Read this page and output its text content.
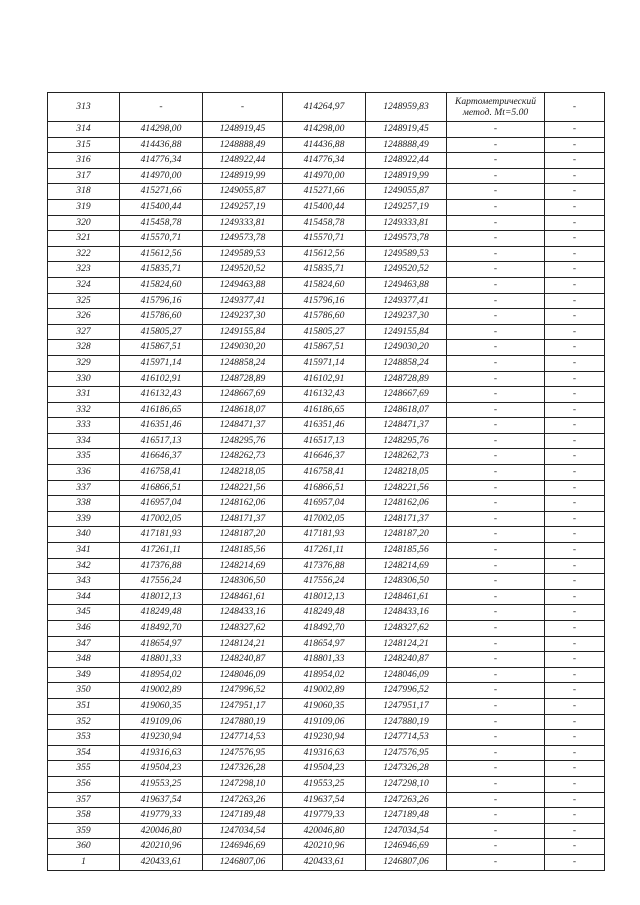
313	-	-	414264,97	1248959,83	Картометрический метод. Mt=5.00	-
314	414298,00	1248919,45	414298,00	1248919,45	-	-
315	414436,88	1248888,49	414436,88	1248888,49	-	-
316	414776,34	1248922,44	414776,34	1248922,44	-	-
317	414970,00	1248919,99	414970,00	1248919,99	-	-
318	415271,66	1249055,87	415271,66	1249055,87	-	-
319	415400,44	1249257,19	415400,44	1249257,19	-	-
320	415458,78	1249333,81	415458,78	1249333,81	-	-
321	415570,71	1249573,78	415570,71	1249573,78	-	-
322	415612,56	1249589,53	415612,56	1249589,53	-	-
323	415835,71	1249520,52	415835,71	1249520,52	-	-
324	415824,60	1249463,88	415824,60	1249463,88	-	-
325	415796,16	1249377,41	415796,16	1249377,41	-	-
326	415786,60	1249237,30	415786,60	1249237,30	-	-
327	415805,27	1249155,84	415805,27	1249155,84	-	-
328	415867,51	1249030,20	415867,51	1249030,20	-	-
329	415971,14	1248858,24	415971,14	1248858,24	-	-
330	416102,91	1248728,89	416102,91	1248728,89	-	-
331	416132,43	1248667,69	416132,43	1248667,69	-	-
332	416186,65	1248618,07	416186,65	1248618,07	-	-
333	416351,46	1248471,37	416351,46	1248471,37	-	-
334	416517,13	1248295,76	416517,13	1248295,76	-	-
335	416646,37	1248262,73	416646,37	1248262,73	-	-
336	416758,41	1248218,05	416758,41	1248218,05	-	-
337	416866,51	1248221,56	416866,51	1248221,56	-	-
338	416957,04	1248162,06	416957,04	1248162,06	-	-
339	417002,05	1248171,37	417002,05	1248171,37	-	-
340	417181,93	1248187,20	417181,93	1248187,20	-	-
341	417261,11	1248185,56	417261,11	1248185,56	-	-
342	417376,88	1248214,69	417376,88	1248214,69	-	-
343	417556,24	1248306,50	417556,24	1248306,50	-	-
344	418012,13	1248461,61	418012,13	1248461,61	-	-
345	418249,48	1248433,16	418249,48	1248433,16	-	-
346	418492,70	1248327,62	418492,70	1248327,62	-	-
347	418654,97	1248124,21	418654,97	1248124,21	-	-
348	418801,33	1248240,87	418801,33	1248240,87	-	-
349	418954,02	1248046,09	418954,02	1248046,09	-	-
350	419002,89	1247996,52	419002,89	1247996,52	-	-
351	419060,35	1247951,17	419060,35	1247951,17	-	-
352	419109,06	1247880,19	419109,06	1247880,19	-	-
353	419230,94	1247714,53	419230,94	1247714,53	-	-
354	419316,63	1247576,95	419316,63	1247576,95	-	-
355	419504,23	1247326,28	419504,23	1247326,28	-	-
356	419553,25	1247298,10	419553,25	1247298,10	-	-
357	419637,54	1247263,26	419637,54	1247263,26	-	-
358	419779,33	1247189,48	419779,33	1247189,48	-	-
359	420046,80	1247034,54	420046,80	1247034,54	-	-
360	420210,96	1246946,69	420210,96	1246946,69	-	-
1	420433,61	1246807,06	420433,61	1246807,06	-	-
